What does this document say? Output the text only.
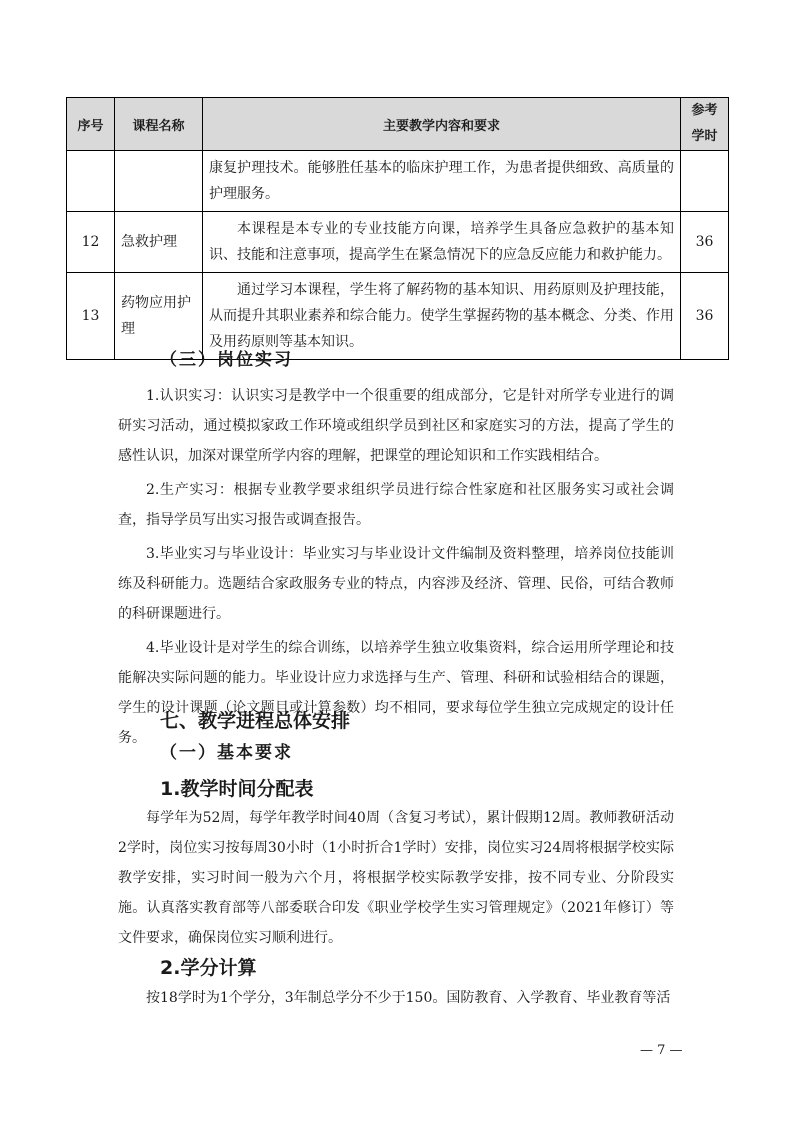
序号	课程名称	主要教学内容和要求	参考
学时

		康复护理技术。能够胜任基本的临床护理工作，为患者提供细致、高质量的护理服务。	
12	急救护理	本课程是本专业的专业技能方向课，培养学生具备应急救护的基本知识、技能和注意事项，提高学生在紧急情况下的应急反应能力和救护能力。	36
13	药物应用护理	通过学习本课程，学生将了解药物的基本知识、用药原则及护理技能，从而提升其职业素养和综合能力。使学生掌握药物的基本概念、分类、作用及用药原则等基本知识。	36
（三）岗位实习
1.认识实习：认识实习是教学中一个很重要的组成部分，它是针对所学专业进行的调研实习活动，通过模拟家政工作环境或组织学员到社区和家庭实习的方法，提高了学生的感性认识，加深对课堂所学内容的理解，把课堂的理论知识和工作实践相结合。
2.生产实习：根据专业教学要求组织学员进行综合性家庭和社区服务实习或社会调查，指导学员写出实习报告或调查报告。
3.毕业实习与毕业设计：毕业实习与毕业设计文件编制及资料整理，培养岗位技能训练及科研能力。选题结合家政服务专业的特点，内容涉及经济、管理、民俗，可结合教师的科研课题进行。
4.毕业设计是对学生的综合训练，以培养学生独立收集资料，综合运用所学理论和技能解决实际问题的能力。毕业设计应力求选择与生产、管理、科研和试验相结合的课题，学生的设计课题（论文题目或计算参数）均不相同，要求每位学生独立完成规定的设计任务。
七、教学进程总体安排
（一）基本要求
1.教学时间分配表
每学年为52周，每学年教学时间40周（含复习考试），累计假期12周。教师教研活动2学时，岗位实习按每周30小时（1小时折合1学时）安排，岗位实习24周将根据学校实际教学安排，实习时间一般为六个月，将根据学校实际教学安排，按不同专业、分阶段实施。认真落实教育部等八部委联合印发《职业学校学生实习管理规定》（2021年修订）等文件要求，确保岗位实习顺利进行。
2.学分计算
按18学时为1个学分，3年制总学分不少于150。国防教育、入学教育、毕业教育等活
— 7 —
